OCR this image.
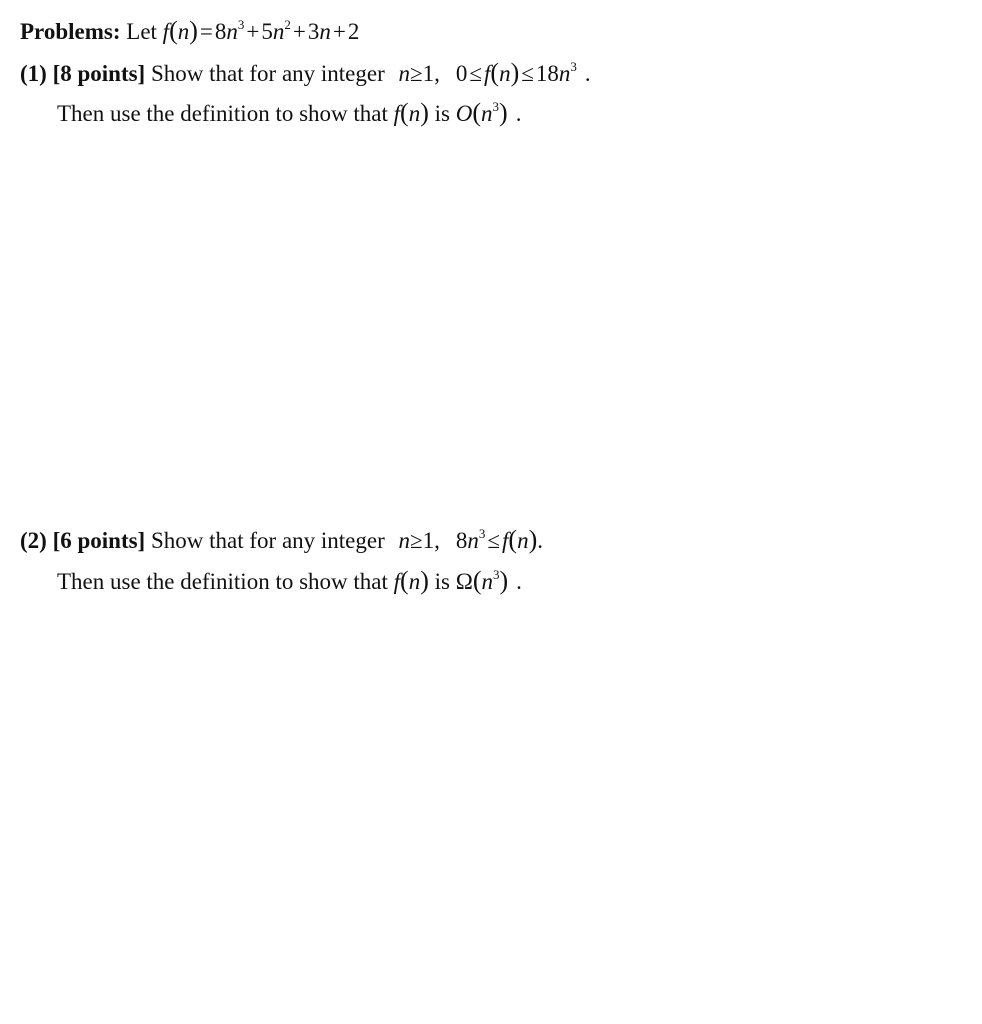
Problems: Let $f(n)=8n^3+5n^2+3n+2$
(1) [8 points] Show that for any integer n≥1, $0\le f(n)\le 18n^3$ .
Then use the definition to show that f(n) is $O(n^3)$ .
(2) [6 points] Show that for any integer n≥1, $8n^3\le f(n)$.
Then use the definition to show that f(n) is $\Omega(n^3)$ .
